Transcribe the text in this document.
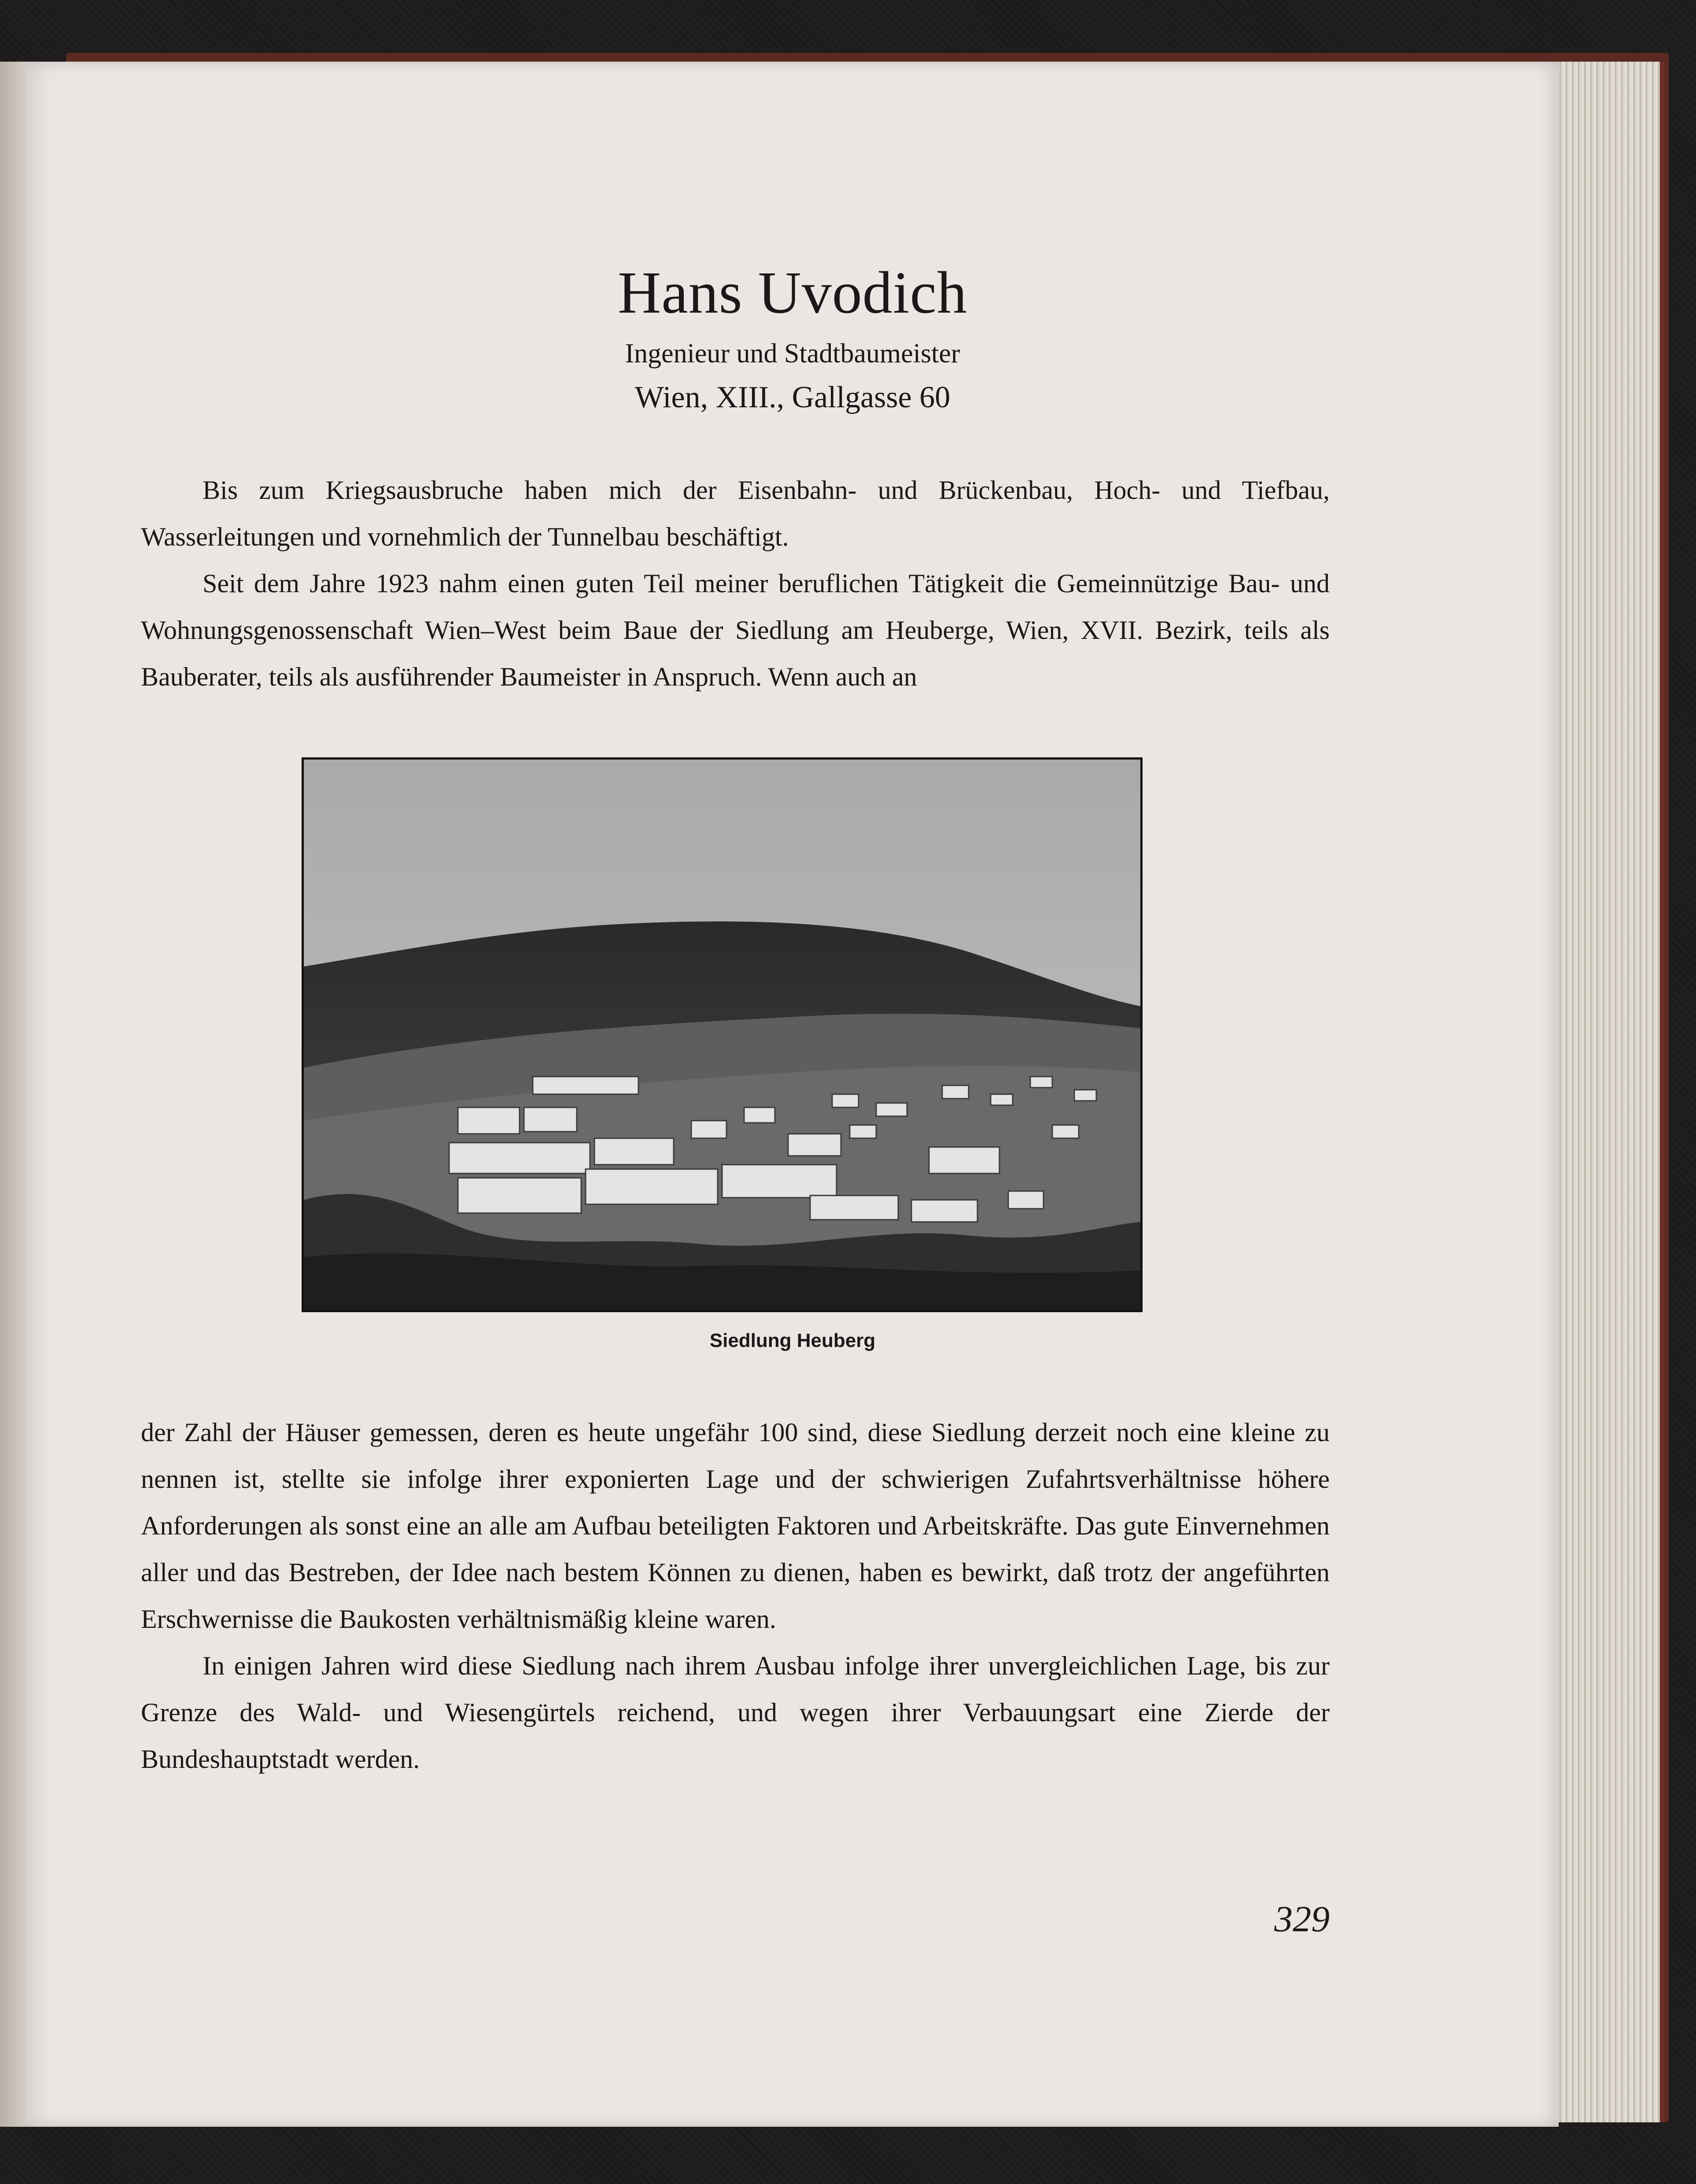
Hans Uvodich
Ingenieur und Stadtbaumeister
Wien, XIII., Gallgasse 60

Bis zum Kriegsausbruche haben mich der Eisenbahn- und Brückenbau, Hoch- und Tiefbau, Wasserleitungen und vornehmlich der Tunnelbau beschäftigt.

Seit dem Jahre 1923 nahm einen guten Teil meiner beruflichen Tätigkeit die Gemeinnützige Bau- und Wohnungsgenossenschaft Wien–West beim Baue der Siedlung am Heuberge, Wien, XVII. Bezirk, teils als Bauberater, teils als ausführender Baumeister in Anspruch. Wenn auch an

Siedlung Heuberg

der Zahl der Häuser gemessen, deren es heute ungefähr 100 sind, diese Siedlung derzeit noch eine kleine zu nennen ist, stellte sie infolge ihrer exponierten Lage und der schwierigen Zufahrtsverhältnisse höhere Anforderungen als sonst eine an alle am Aufbau beteiligten Faktoren und Arbeitskräfte. Das gute Einvernehmen aller und das Bestreben, der Idee nach bestem Können zu dienen, haben es bewirkt, daß trotz der angeführten Erschwernisse die Baukosten verhältnismäßig kleine waren.

In einigen Jahren wird diese Siedlung nach ihrem Ausbau infolge ihrer unvergleichlichen Lage, bis zur Grenze des Wald- und Wiesengürtels reichend, und wegen ihrer Verbauungsart eine Zierde der Bundeshauptstadt werden.

329
